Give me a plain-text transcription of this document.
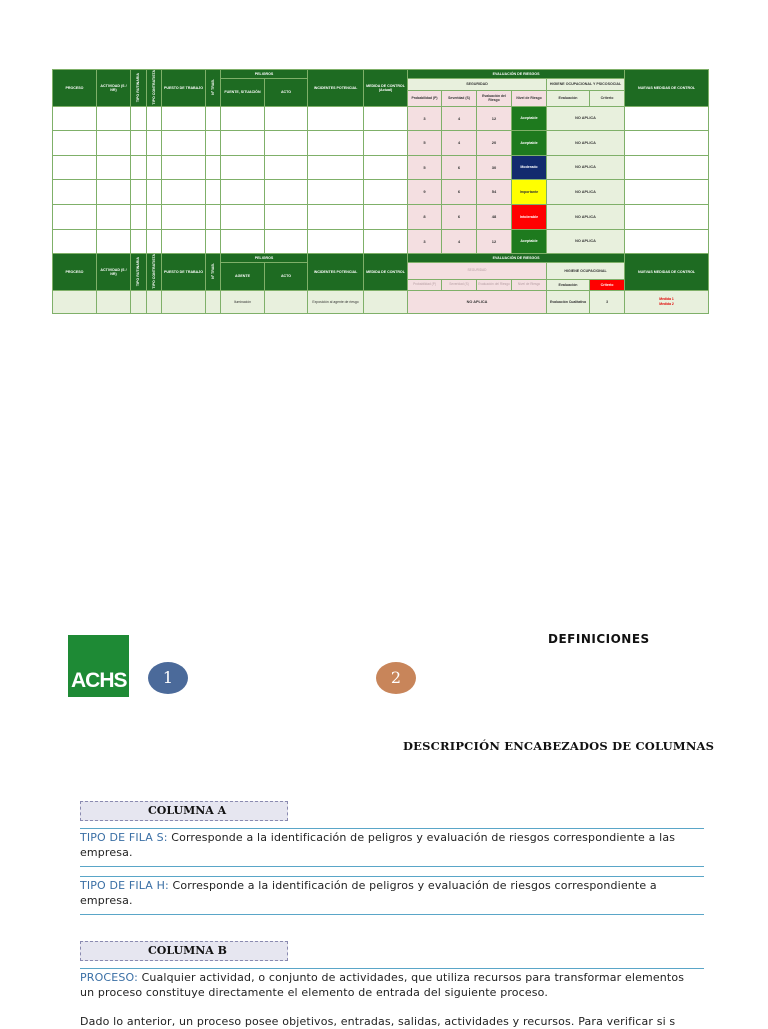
PROCESO	ACTIVIDAD (S / NR)	TIPO RUTINARIA	TIPO CONTRATISTA	PUESTO DE TRABAJO	Nº TRAB.	PELIGROS		INCIDENTES POTENCIAL	MEDIDA DE CONTROL (Actual)	EVALUACIÓN DE RIESGOS						NUEVAS MEDIDAS DE CONTROL
						FUENTE, SITUACIÓN	ACTO			SEGURIDAD				HIGIENE OCUPACIONAL Y PSICOSOCIAL		
										Probabilidad (P)	Severidad (S)	Evaluación del Riesgo	Nivel de Riesgo	Evaluación	Criterio	
										3	4	12	Aceptable	NO APLICA		
										5	4	20	Aceptable	NO APLICA		
										5	6	30	Moderado	NO APLICA		
										9	6	54	Importante	NO APLICA		
										8	6	48	Intolerable	NO APLICA		
										3	4	12	Aceptable	NO APLICA		
PROCESO	ACTIVIDAD (S / NR)	TIPO RUTINARIA	TIPO CONTRATISTA	PUESTO DE TRABAJO	Nº TRAB.	PELIGROS		INCIDENTES POTENCIAL	MEDIDA DE CONTROL	EVALUACIÓN DE RIESGOS						NUEVAS MEDIDAS DE CONTROL
						AGENTE	ACTO			SEGURIDAD				HIGIENE OCUPACIONAL		
										Probabilidad (P)	Severidad (S)	Evaluación del Riesgo	Nivel de Riesgo	Evaluación	Criterio	
						Iluminación		Exposición al agente de riesgo		NO APLICA				Evaluación Cualitativa	3	Medida 1
Medida 2
ACHS	1	2
DEFINICIONES
DESCRIPCIÓN ENCABEZADOS DE COLUMNAS
COLUMNA A
TIPO DE FILA S: Corresponde a la identificación de peligros y evaluación de riesgos correspondiente a las
empresa.
TIPO DE FILA H: Corresponde a la identificación de peligros y evaluación de riesgos correspondiente a
empresa.
COLUMNA B
PROCESO: Cualquier actividad, o conjunto de actividades, que utiliza recursos para transformar elementos
un proceso constituye directamente el elemento de entrada del siguiente proceso.
Dado lo anterior, un proceso posee objetivos, entradas, salidas, actividades y recursos. Para verificar si s
